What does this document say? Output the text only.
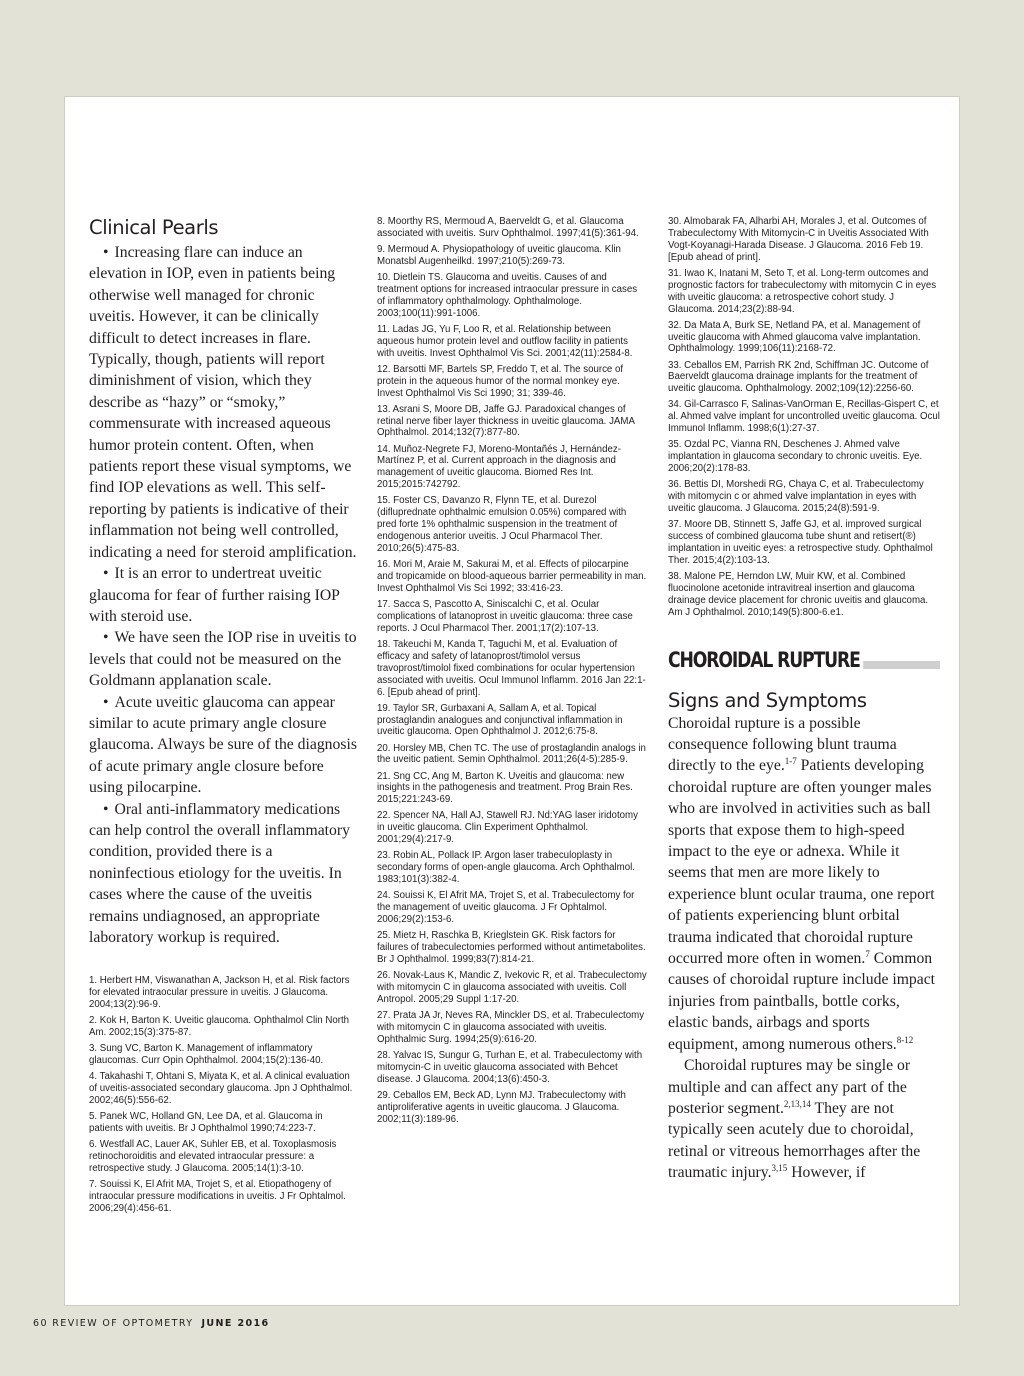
Clinical Pearls

• Increasing flare can induce an elevation in IOP, even in patients being otherwise well managed for chronic uveitis. However, it can be clinically difficult to detect increases in flare. Typically, though, patients will report diminishment of vision, which they describe as “hazy” or “smoky,” commensurate with increased aqueous humor protein content. Often, when patients report these visual symptoms, we find IOP elevations as well. This self-reporting by patients is indicative of their inflammation not being well controlled, indicating a need for steroid amplification.

• It is an error to undertreat uveitic glaucoma for fear of further raising IOP with steroid use.

• We have seen the IOP rise in uveitis to levels that could not be measured on the Goldmann applanation scale.

• Acute uveitic glaucoma can appear similar to acute primary angle closure glaucoma. Always be sure of the diagnosis of acute primary angle closure before using pilocarpine.

• Oral anti-inflammatory medications can help control the overall inflammatory condition, provided there is a noninfectious etiology for the uveitis. In cases where the cause of the uveitis remains undiagnosed, an appropriate laboratory workup is required.

1. Herbert HM, Viswanathan A, Jackson H, et al. Risk factors for elevated intraocular pressure in uveitis. J Glaucoma. 2004;13(2):96-9.

2. Kok H, Barton K. Uveitic glaucoma. Ophthalmol Clin North Am. 2002;15(3):375-87.

3. Sung VC, Barton K. Management of inflammatory glaucomas. Curr Opin Ophthalmol. 2004;15(2):136-40.

4. Takahashi T, Ohtani S, Miyata K, et al. A clinical evaluation of uveitis-associated secondary glaucoma. Jpn J Ophthalmol. 2002;46(5):556-62.

5. Panek WC, Holland GN, Lee DA, et al. Glaucoma in patients with uveitis. Br J Ophthalmol 1990;74:223-7.

6. Westfall AC, Lauer AK, Suhler EB, et al. Toxoplasmosis retinochoroiditis and elevated intraocular pressure: a retrospective study. J Glaucoma. 2005;14(1):3-10.

7. Souissi K, El Afrit MA, Trojet S, et al. Etiopathogeny of intraocular pressure modifications in uveitis. J Fr Ophtalmol. 2006;29(4):456-61.

8. Moorthy RS, Mermoud A, Baerveldt G, et al. Glaucoma associated with uveitis. Surv Ophthalmol. 1997;41(5):361-94.

9. Mermoud A. Physiopathology of uveitic glaucoma. Klin Monatsbl Augenheilkd. 1997;210(5):269-73.

10. Dietlein TS. Glaucoma and uveitis. Causes of and treatment options for increased intraocular pressure in cases of inflammatory ophthalmology. Ophthalmologe. 2003;100(11):991-1006.

11. Ladas JG, Yu F, Loo R, et al. Relationship between aqueous humor protein level and outflow facility in patients with uveitis. Invest Ophthalmol Vis Sci. 2001;42(11):2584-8.

12. Barsotti MF, Bartels SP, Freddo T, et al. The source of protein in the aqueous humor of the normal monkey eye. Invest Ophthalmol Vis Sci 1990; 31; 339-46.

13. Asrani S, Moore DB, Jaffe GJ. Paradoxical changes of retinal nerve fiber layer thickness in uveitic glaucoma. JAMA Ophthalmol. 2014;132(7):877-80.

14. Muñoz-Negrete FJ, Moreno-Montañés J, Hernández-Martínez P, et al. Current approach in the diagnosis and management of uveitic glaucoma. Biomed Res Int. 2015;2015:742792.

15. Foster CS, Davanzo R, Flynn TE, et al. Durezol (difluprednate ophthalmic emulsion 0.05%) compared with pred forte 1% ophthalmic suspension in the treatment of endogenous anterior uveitis. J Ocul Pharmacol Ther. 2010;26(5):475-83.

16. Mori M, Araie M, Sakurai M, et al. Effects of pilocarpine and tropicamide on blood-aqueous barrier permeability in man. Invest Ophthalmol Vis Sci 1992; 33:416-23.

17. Sacca S, Pascotto A, Siniscalchi C, et al. Ocular complications of latanoprost in uveitic glaucoma: three case reports. J Ocul Pharmacol Ther. 2001;17(2):107-13.

18. Takeuchi M, Kanda T, Taguchi M, et al. Evaluation of efficacy and safety of latanoprost/timolol versus travoprost/timolol fixed combinations for ocular hypertension associated with uveitis. Ocul Immunol Inflamm. 2016 Jan 22:1-6. [Epub ahead of print].

19. Taylor SR, Gurbaxani A, Sallam A, et al. Topical prostaglandin analogues and conjunctival inflammation in uveitic glaucoma. Open Ophthalmol J. 2012;6:75-8.

20. Horsley MB, Chen TC. The use of prostaglandin analogs in the uveitic patient. Semin Ophthalmol. 2011;26(4-5):285-9.

21. Sng CC, Ang M, Barton K. Uveitis and glaucoma: new insights in the pathogenesis and treatment. Prog Brain Res. 2015;221:243-69.

22. Spencer NA, Hall AJ, Stawell RJ. Nd:YAG laser iridotomy in uveitic glaucoma. Clin Experiment Ophthalmol. 2001;29(4):217-9.

23. Robin AL, Pollack IP. Argon laser trabeculoplasty in secondary forms of open-angle glaucoma. Arch Ophthalmol. 1983;101(3):382-4.

24. Souissi K, El Afrit MA, Trojet S, et al. Trabeculectomy for the management of uveitic glaucoma. J Fr Ophtalmol. 2006;29(2):153-6.

25. Mietz H, Raschka B, Krieglstein GK. Risk factors for failures of trabeculectomies performed without antimetabolites. Br J Ophthalmol. 1999;83(7):814-21.

26. Novak-Laus K, Mandic Z, Ivekovic R, et al. Trabeculectomy with mitomycin C in glaucoma associated with uveitis. Coll Antropol. 2005;29 Suppl 1:17-20.

27. Prata JA Jr, Neves RA, Minckler DS, et al. Trabeculectomy with mitomycin C in glaucoma associated with uveitis. Ophthalmic Surg. 1994;25(9):616-20.

28. Yalvac IS, Sungur G, Turhan E, et al. Trabeculectomy with mitomycin-C in uveitic glaucoma associated with Behcet disease. J Glaucoma. 2004;13(6):450-3.

29. Ceballos EM, Beck AD, Lynn MJ. Trabeculectomy with antiproliferative agents in uveitic glaucoma. J Glaucoma. 2002;11(3):189-96.

30. Almobarak FA, Alharbi AH, Morales J, et al. Outcomes of Trabeculectomy With Mitomycin-C in Uveitis Associated With Vogt-Koyanagi-Harada Disease. J Glaucoma. 2016 Feb 19. [Epub ahead of print].

31. Iwao K, Inatani M, Seto T, et al. Long-term outcomes and prognostic factors for trabeculectomy with mitomycin C in eyes with uveitic glaucoma: a retrospective cohort study. J Glaucoma. 2014;23(2):88-94.

32. Da Mata A, Burk SE, Netland PA, et al. Management of uveitic glaucoma with Ahmed glaucoma valve implantation. Ophthalmology. 1999;106(11):2168-72.

33. Ceballos EM, Parrish RK 2nd, Schiffman JC. Outcome of Baerveldt glaucoma drainage implants for the treatment of uveitic glaucoma. Ophthalmology. 2002;109(12):2256-60.

34. Gil-Carrasco F, Salinas-VanOrman E, Recillas-Gispert C, et al. Ahmed valve implant for uncontrolled uveitic glaucoma. Ocul Immunol Inflamm. 1998;6(1):27-37.

35. Ozdal PC, Vianna RN, Deschenes J. Ahmed valve implantation in glaucoma secondary to chronic uveitis. Eye. 2006;20(2):178-83.

36. Bettis DI, Morshedi RG, Chaya C, et al. Trabeculectomy with mitomycin c or ahmed valve implantation in eyes with uveitic glaucoma. J Glaucoma. 2015;24(8):591-9.

37. Moore DB, Stinnett S, Jaffe GJ, et al. improved surgical success of combined glaucoma tube shunt and retisert(®) implantation in uveitic eyes: a retrospective study. Ophthalmol Ther. 2015;4(2):103-13.

38. Malone PE, Herndon LW, Muir KW, et al. Combined fluocinolone acetonide intravitreal insertion and glaucoma drainage device placement for chronic uveitis and glaucoma. Am J Ophthalmol. 2010;149(5):800-6.e1.

CHOROIDAL RUPTURE
Signs and Symptoms

Choroidal rupture is a possible consequence following blunt trauma directly to the eye.$^{1-7}$ Patients developing choroidal rupture are often younger males who are involved in activities such as ball sports that expose them to high-speed impact to the eye or adnexa. While it seems that men are more likely to experience blunt ocular trauma, one report of patients experiencing blunt orbital trauma indicated that choroidal rupture occurred more often in women.$^7$ Common causes of choroidal rupture include impact injuries from paintballs, bottle corks, elastic bands, airbags and sports equipment, among numerous others.$^{8-12}$

Choroidal ruptures may be single or multiple and can affect any part of the posterior segment.$^{2,13,14}$ They are not typically seen acutely due to choroidal, retinal or vitreous hemorrhages after the traumatic injury.$^{3,15}$ However, if

60 REVIEW OF OPTOMETRY JUNE 2016
